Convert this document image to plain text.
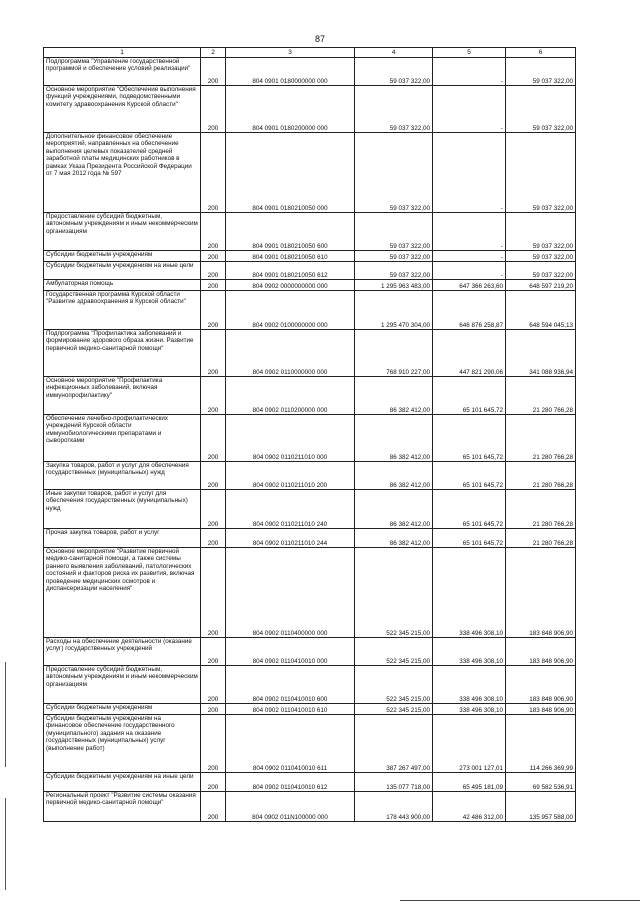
87
1	2	3	4	5	6
Подпрограмма "Управление государственной программой и обеспечение условий реализации"	200	804 0901 0180000000 000	59 037 322,00	-	59 037 322,00
Основное мероприятие "Обеспечение выполнения функций учреждениями, подведомственными комитету здравоохранения Курской области"	200	804 0901 0180200000 000	59 037 322,00	-	59 037 322,00
Дополнительное финансовое обеспечение мероприятий, направленных на обеспечение выполнения целевых показателей средней заработной платы медицинских работников в рамках Указа Президента Российской Федерации от 7 мая 2012 года № 597	200	804 0901 0180210050 000	59 037 322,00	-	59 037 322,00
Предоставление субсидий бюджетным, автономным учреждениям и иным некоммерческим организациям	200	804 0901 0180210050 600	59 037 322,00	-	59 037 322,00
Субсидии бюджетным учреждениям	200	804 0901 0180210050 610	59 037 322,00	-	59 037 322,00
Субсидии бюджетным учреждениям на иные цели	200	804 0901 0180210050 612	59 037 322,00	-	59 037 322,00
Амбулаторная помощь	200	804 0902 0000000000 000	1 295 963 483,00	647 366 263,60	648 597 219,20
Государственная программа Курской области "Развитие здравоохранения в Курской области"	200	804 0902 0100000000 000	1 295 470 304,00	646 876 258,87	648 594 045,13
Подпрограмма "Профилактика заболеваний и формирование здорового образа жизни. Развитие первичной медико-санитарной помощи"	200	804 0902 0110000000 000	768 910 227,00	447 821 290,06	341 088 936,94
Основное мероприятие "Профилактика инфекционных заболеваний, включая иммунопрофилактику"	200	804 0902 0110200000 000	86 382 412,00	65 101 645,72	21 280 766,28
Обеспечение лечебно-профилактических учреждений Курской области иммунобиологическими препаратами и сыворотками	200	804 0902 0110211010 000	86 382 412,00	65 101 645,72	21 280 766,28
Закупка товаров, работ и услуг для обеспечения государственных (муниципальных) нужд	200	804 0902 0110211010 200	86 382 412,00	65 101 645,72	21 280 766,28
Иные закупки товаров, работ и услуг для обеспечения государственных (муниципальных) нужд	200	804 0902 0110211010 240	86 382 412,00	65 101 645,72	21 280 766,28
Прочая закупка товаров, работ и услуг	200	804 0902 0110211010 244	86 382 412,00	65 101 645,72	21 280 766,28
Основное мероприятие "Развитие первичной медико-санитарной помощи, а также системы раннего выявления заболеваний, патологических состояний и факторов риска их развития, включая проведение медицинских осмотров и диспансеризации населения"	200	804 0902 0110400000 000	522 345 215,00	338 496 308,10	183 848 906,90
Расходы на обеспечение деятельности (оказание услуг) государственных учреждений	200	804 0902 0110410010 000	522 345 215,00	338 496 308,10	183 848 906,90
Предоставление субсидий бюджетным, автономным учреждениям и иным некоммерческим организациям	200	804 0902 0110410010 600	522 345 215,00	338 496 308,10	183 848 906,90
Субсидии бюджетным учреждениям	200	804 0902 0110410010 610	522 345 215,00	338 496 308,10	183 848 906,90
Субсидии бюджетным учреждениям на финансовое обеспечение государственного (муниципального) задания на оказание государственных (муниципальных) услуг (выполнение работ)	200	804 0902 0110410010 611	387 267 497,00	273 001 127,01	114 266 369,99
Субсидии бюджетным учреждениям на иные цели	200	804 0902 0110410010 612	135 077 718,00	65 495 181,09	69 582 536,91
Региональный проект "Развитие системы оказания первичной медико-санитарной помощи"	200	804 0902 011N100000 000	178 443 900,00	42 486 312,00	135 957 588,00
